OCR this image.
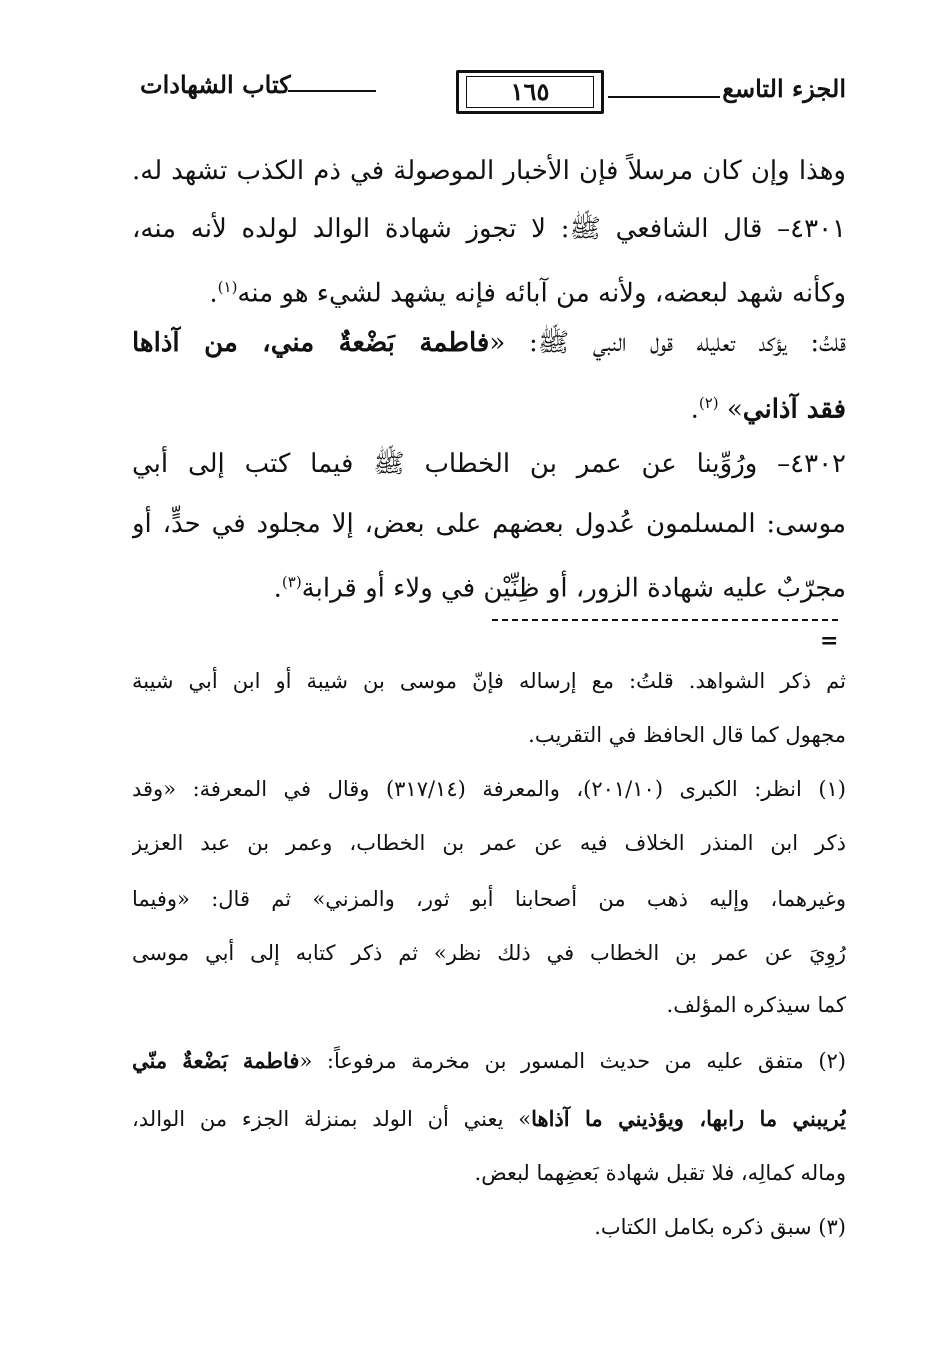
الجزء التاسع
١٦٥
كتاب الشهادات
وهذا وإن كان مرسلاً فإن الأخبار الموصولة في ذم الكذب تشهد له.
٤٣٠١– قال الشافعي ﷺ: لا تجوز شهادة الوالد لولده لأنه منه،
وكأنه شهد لبعضه، ولأنه من آبائه فإنه يشهد لشيء هو منه$^{(١)}$.
قلتُ: يؤكد تعليله قول النبي ﷺ: «فاطمة بَضْعةٌ مني، من آذاها
فقد آذاني» $^{(٢)}$.
٤٣٠٢– ورُوِّينا عن عمر بن الخطاب ﷺ فيما كتب إلى أبي
موسى: المسلمون عُدول بعضهم على بعض، إلا مجلود في حدٍّ، أو
مجرّبٌ عليه شهادة الزور، أو ظِنِّيْن في ولاء أو قرابة$^{(٣)}$.
=
ثم ذكر الشواهد. قلتُ: مع إرساله فإنّ موسى بن شيبة أو ابن أبي شيبة
مجهول كما قال الحافظ في التقريب.
(١) انظر: الكبرى (٢٠١/١٠)، والمعرفة (٣١٧/١٤) وقال في المعرفة: «وقد
ذكر ابن المنذر الخلاف فيه عن عمر بن الخطاب، وعمر بن عبد العزيز
وغيرهما، وإليه ذهب من أصحابنا أبو ثور، والمزني» ثم قال: «وفيما
رُوِيَ عن عمر بن الخطاب في ذلك نظر» ثم ذكر كتابه إلى أبي موسى
كما سيذكره المؤلف.
(٢) متفق عليه من حديث المسور بن مخرمة مرفوعاً: «فاطمة بَضْعةٌ منّي
يُريبني ما رابها، ويؤذيني ما آذاها» يعني أن الولد بمنزلة الجزء من الوالد،
وماله كمالِه، فلا تقبل شهادة بَعضِهما لبعض.
(٣) سبق ذكره بكامل الكتاب.
